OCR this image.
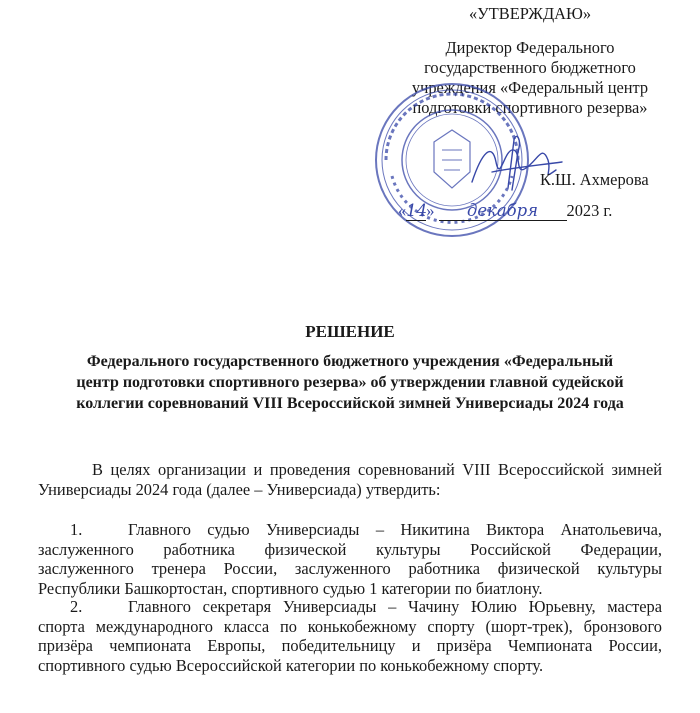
«УТВЕРЖДАЮ»
Директор Федерального
государственного бюджетного
учреждения «Федеральный центр
подготовки спортивного резерва»
К.Ш. Ахмерова
«14» декабря 2023 г.
РЕШЕНИЕ
Федерального государственного бюджетного учреждения «Федеральный
центр подготовки спортивного резерва» об утверждении главной судейской
коллегии соревнований VIII Всероссийской зимней Универсиады 2024 года
В целях организации и проведения соревнований VIII Всероссийской зимней
Универсиады 2024 года (далее – Универсиада) утвердить:
1.	Главного судью Универсиады – Никитина Виктора Анатольевича,
заслуженного работника физической культуры Российской Федерации,
заслуженного тренера России, заслуженного работника физической культуры
Республики Башкортостан, спортивного судью 1 категории по биатлону.
2.	Главного секретаря Универсиады – Чачину Юлию Юрьевну, мастера
спорта международного класса по конькобежному спорту (шорт-трек), бронзового
призёра чемпионата Европы, победительницу и призёра Чемпионата России,
спортивного судью Всероссийской категории по конькобежному спорту.
